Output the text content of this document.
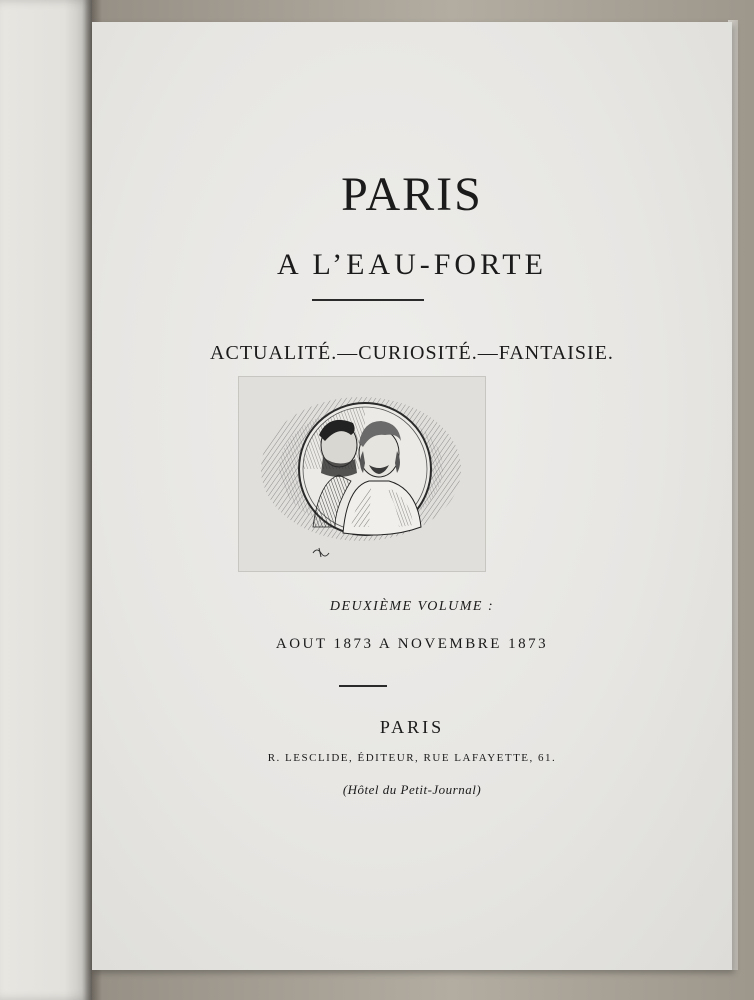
PARIS
A L’EAU-FORTE
ACTUALITÉ.—CURIOSITÉ.—FANTAISIE.
DEUXIÈME VOLUME :
AOUT 1873 A NOVEMBRE 1873
PARIS
R. LESCLIDE, ÉDITEUR, RUE LAFAYETTE, 61.
(Hôtel du Petit-Journal)
